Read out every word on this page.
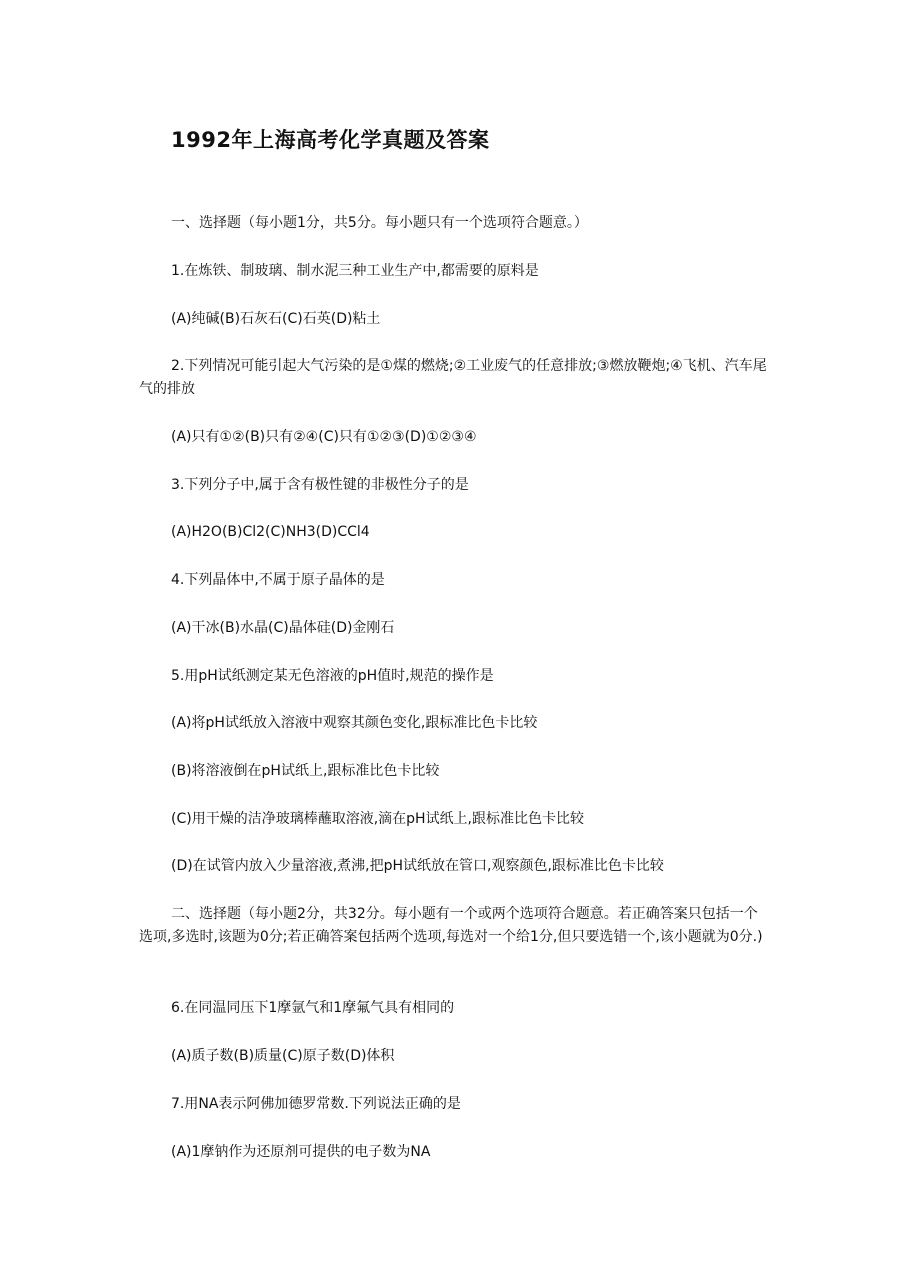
1992年上海高考化学真题及答案
一、选择题（每小题1分，共5分。每小题只有一个选项符合题意。）
1.在炼铁、制玻璃、制水泥三种工业生产中,都需要的原料是
(A)纯碱(B)石灰石(C)石英(D)粘土
2.下列情况可能引起大气污染的是①煤的燃烧;②工业废气的任意排放;③燃放鞭炮;④飞机、汽车尾气的排放
(A)只有①②(B)只有②④(C)只有①②③(D)①②③④
3.下列分子中,属于含有极性键的非极性分子的是
(A)H2O(B)Cl2(C)NH3(D)CCl4
4.下列晶体中,不属于原子晶体的是
(A)干冰(B)水晶(C)晶体硅(D)金刚石
5.用pH试纸测定某无色溶液的pH值时,规范的操作是
(A)将pH试纸放入溶液中观察其颜色变化,跟标准比色卡比较
(B)将溶液倒在pH试纸上,跟标准比色卡比较
(C)用干燥的洁净玻璃棒蘸取溶液,滴在pH试纸上,跟标准比色卡比较
(D)在试管内放入少量溶液,煮沸,把pH试纸放在管口,观察颜色,跟标准比色卡比较
二、选择题（每小题2分，共32分。每小题有一个或两个选项符合题意。若正确答案只包括一个选项,多选时,该题为0分;若正确答案包括两个选项,每选对一个给1分,但只要选错一个,该小题就为0分.)
6.在同温同压下1摩氩气和1摩氟气具有相同的
(A)质子数(B)质量(C)原子数(D)体积
7.用NA表示阿佛加德罗常数.下列说法正确的是
(A)1摩钠作为还原剂可提供的电子数为NA
